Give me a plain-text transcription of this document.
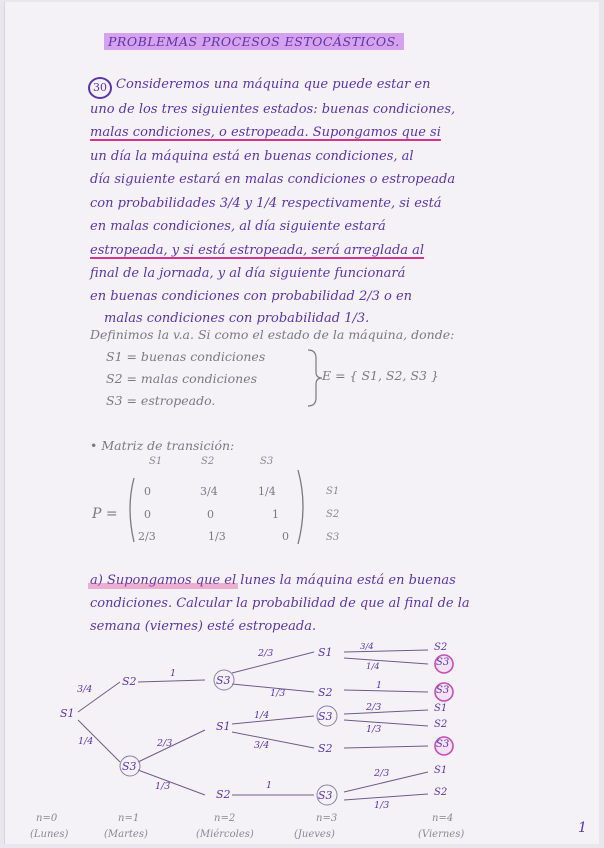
PROBLEMAS PROCESOS ESTOCÁSTICOS.
30 Consideremos una máquina que puede estar en
uno de los tres siguientes estados: buenas condiciones,
malas condiciones, o estropeada. Supongamos que si
un día la máquina está en buenas condiciones, al
día siguiente estará en malas condiciones o estropeada
con probabilidades 3/4 y 1/4 respectivamente, si está
en malas condiciones, al día siguiente estará
estropeada, y si está estropeada, será arreglada al
final de la jornada, y al día siguiente funcionará
en buenas condiciones con probabilidad 2/3 o en
malas condiciones con probabilidad 1/3.
Definimos la v.a. Si como el estado de la máquina, donde:
S1 = buenas condiciones
S2 = malas condiciones
S3 = estropeado.
E = { S1, S2, S3 }
• Matriz de transición:
S1	S2	S3
S1
S2
S3
P =
0	3/4	1/4
0	0	1
2/3	1/3	0
a) Supongamos que el lunes la máquina está en buenas
condiciones. Calcular la probabilidad de que al final de la
semana (viernes) esté estropeada.
S1
S2
S3
S3
S1
S2
S1
S2
S3
S2
S3
S2
S3
S3
S1
S2
S3
S1
S2
3/4
1/4
1
2/3
1/3
2/3
1/3
1/4
3/4
1
3/4
1/4
1
2/3
1/3
2/3
1/3
n=0	n=1	n=2	n=3	n=4
(Lunes)	(Martes)	(Miércoles)	(Jueves)	(Viernes)	1
